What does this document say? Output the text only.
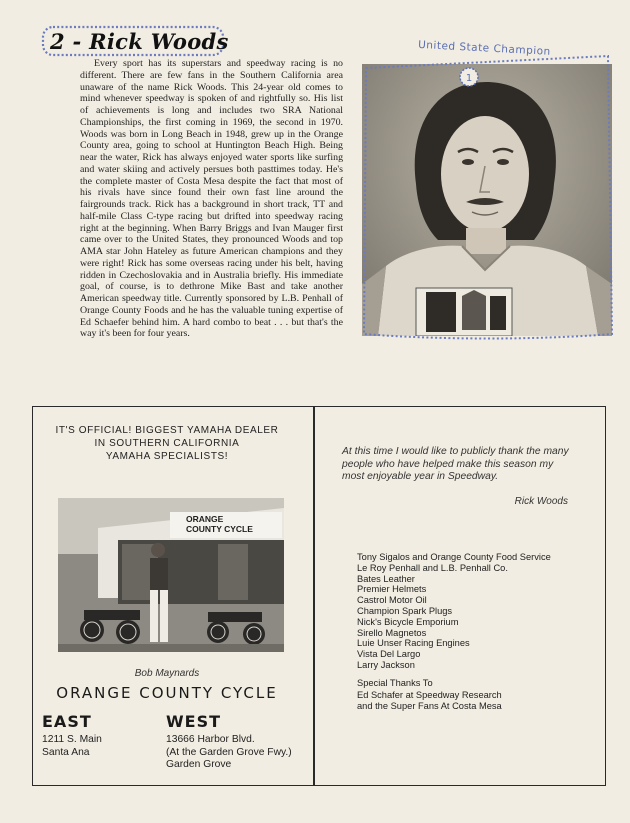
2 - Rick Woods

Every sport has its superstars and speedway racing is no different. There are few fans in the Southern California area unaware of the name Rick Woods. This 24-year old comes to mind whenever speedway is spoken of and rightfully so. His list of achievements is long and includes two SRA National Championships, the first coming in 1969, the second in 1970. Woods was born in Long Beach in 1948, grew up in the Orange County area, going to school at Huntington Beach High. Being near the water, Rick has always enjoyed water sports like surfing and water skiing and actively persues both pasttimes today. He's the complete master of Costa Mesa despite the fact that most of his rivals have since found their own fast line around the fairgrounds track. Rick has a background in short track, TT and half-mile Class C-type racing but drifted into speedway racing right at the beginning. When Barry Briggs and Ivan Mauger first came over to the United States, they pronounced Woods and top AMA star John Hateley as future American champions and they were right! Rick has some overseas racing under his belt, having ridden in Czechoslovakia and in Australia briefly. His immediate goal, of course, is to dethrone Mike Bast and take another American speedway title. Currently sponsored by L.B. Penhall of Orange County Foods and he has the valuable tuning expertise of Ed Schaefer behind him. A hard combo to beat . . . but that's the way it's been for four years.

United State Champion
1
IT'S OFFICIAL! BIGGEST YAMAHA DEALER
IN SOUTHERN CALIFORNIA
YAMAHA SPECIALISTS!
ORANGE
COUNTY CYCLE
Bob Maynards
ORANGE COUNTY CYCLE
EAST
1211 S. Main
Santa Ana
WEST
13666 Harbor Blvd.
(At the Garden Grove Fwy.)
Garden Grove

At this time I would like to publicly thank the many people who have helped make this season my most enjoyable year in Speedway.

Rick Woods
Tony Sigalos and Orange County Food Service
Le Roy Penhall and L.B. Penhall Co.
Bates Leather
Premier Helmets
Castrol Motor Oil
Champion Spark Plugs
Nick's Bicycle Emporium
Sirello Magnetos
Luie Unser Racing Engines
Vista Del Largo
Larry Jackson
Special Thanks To
Ed Schafer at Speedway Research
and the Super Fans At Costa Mesa
